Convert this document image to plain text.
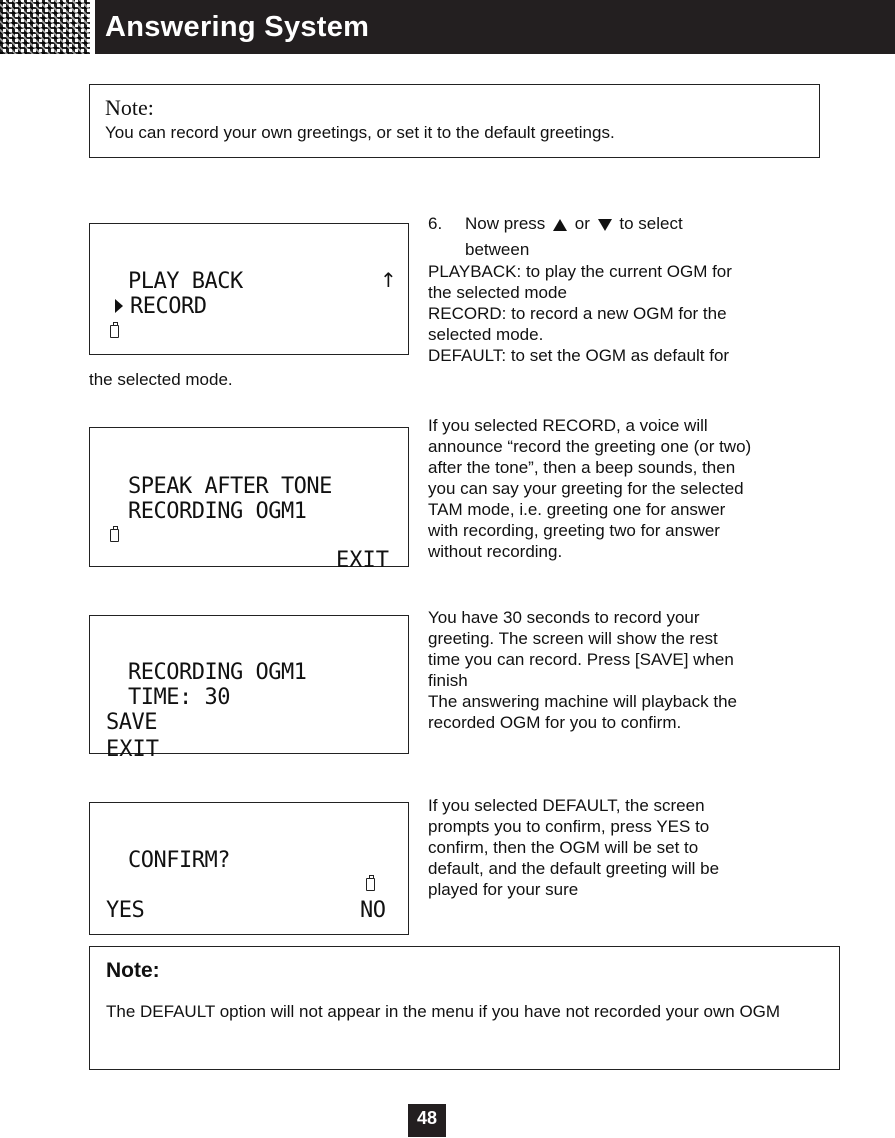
Answering System
Note:
You can record your own greetings, or set it to the default greetings.
PLAY BACK	↑
RECORD
6. Now press or to select
between
PLAYBACK: to play the current OGM for
the selected mode
RECORD: to record a new OGM for the
selected mode.
DEFAULT: to set the OGM as default for
the selected mode.
SPEAK AFTER TONE
RECORDING OGM1
EXIT
If you selected RECORD, a voice will
announce “record the greeting one (or two)
after the tone”, then a beep sounds, then
you can say your greeting for the selected
TAM mode, i.e. greeting one for answer
with recording, greeting two for answer
without recording.
RECORDING OGM1
TIME: 30
SAVE
EXIT
You have 30 seconds to record your
greeting. The screen will show the rest
time you can record. Press [SAVE] when
finish
The answering machine will playback the
recorded OGM for you to confirm.
CONFIRM?
YES	NO
If you selected DEFAULT, the screen
prompts you to confirm, press YES to
confirm, then the OGM will be set to
default, and the default greeting will be
played for your sure
Note:
The DEFAULT option will not appear in the menu if you have not recorded your own OGM
48
